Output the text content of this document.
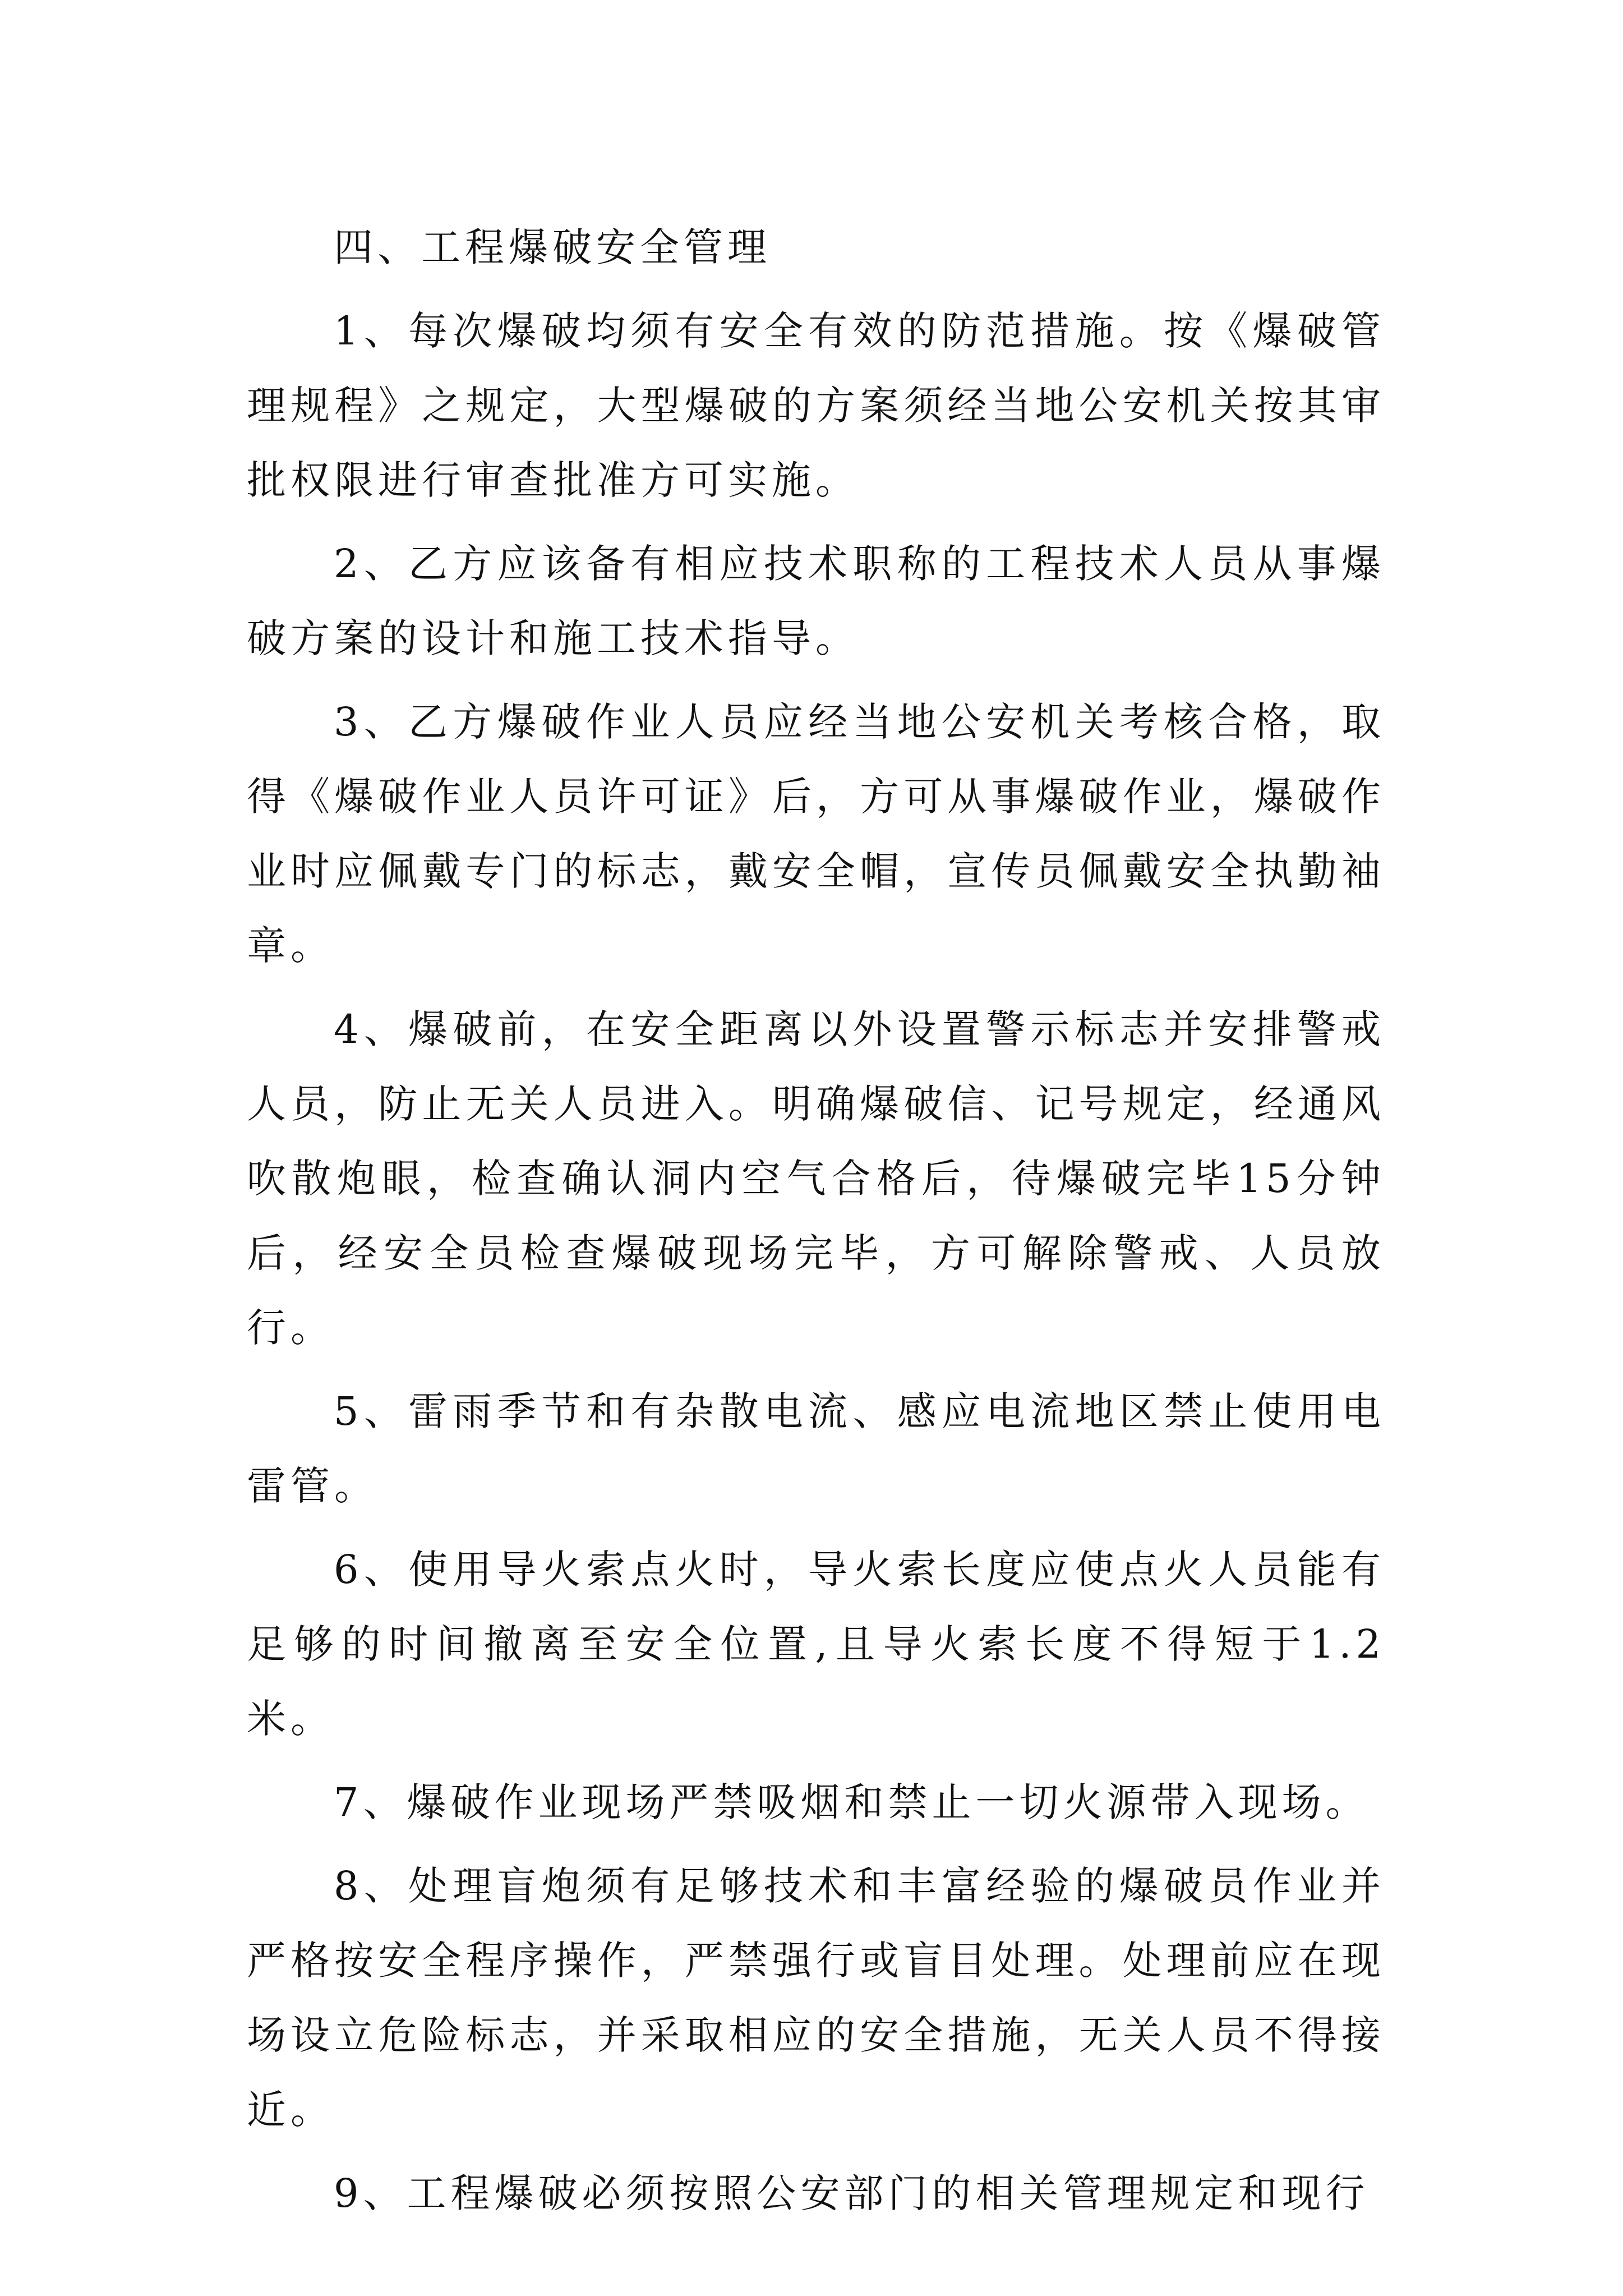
四、工程爆破安全管理

1、每次爆破均须有安全有效的防范措施。按《爆破管理规程》之规定，大型爆破的方案须经当地公安机关按其审批权限进行审查批准方可实施。

2、乙方应该备有相应技术职称的工程技术人员从事爆破方案的设计和施工技术指导。

3、乙方爆破作业人员应经当地公安机关考核合格，取得《爆破作业人员许可证》后，方可从事爆破作业，爆破作业时应佩戴专门的标志，戴安全帽，宣传员佩戴安全执勤袖章。

4、爆破前，在安全距离以外设置警示标志并安排警戒人员，防止无关人员进入。明确爆破信、记号规定，经通风吹散炮眼，检查确认洞内空气合格后，待爆破完毕15分钟后，经安全员检查爆破现场完毕，方可解除警戒、人员放行。

5、雷雨季节和有杂散电流、感应电流地区禁止使用电雷管。

6、使用导火索点火时，导火索长度应使点火人员能有足够的时间撤离至安全位置,且导火索长度不得短于1.2米。

7、爆破作业现场严禁吸烟和禁止一切火源带入现场。

8、处理盲炮须有足够技术和丰富经验的爆破员作业并严格按安全程序操作，严禁强行或盲目处理。处理前应在现场设立危险标志，并采取相应的安全措施，无关人员不得接近。

9、工程爆破必须按照公安部门的相关管理规定和现行
